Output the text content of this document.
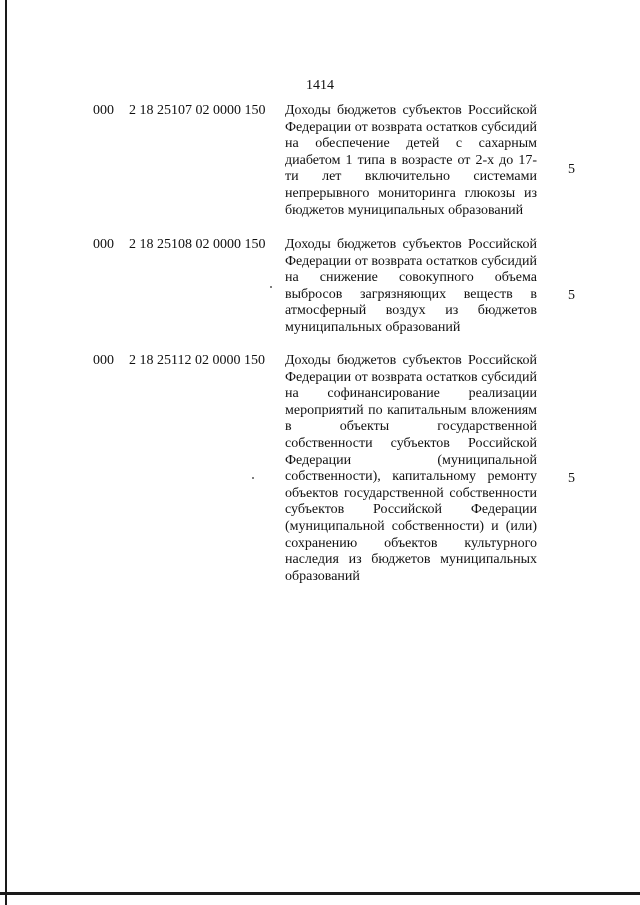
1414
000 2 18 25107 02 0000 150 Доходы бюджетов субъектов Российской Федерации от возврата остатков субсидий на обеспечение детей с сахарным диабетом 1 типа в возрасте от 2-х до 17-ти лет включительно системами непрерывного мониторинга глюкозы из бюджетов муниципальных образований
5
000 2 18 25108 02 0000 150 Доходы бюджетов субъектов Российской Федерации от возврата остатков субсидий на снижение совокупного объема выбросов загрязняющих веществ в атмосферный воздух из бюджетов муниципальных образований
5
000 2 18 25112 02 0000 150 Доходы бюджетов субъектов Российской Федерации от возврата остатков субсидий на софинансирование реализации мероприятий по капитальным вложениям в объекты государственной собственности субъектов Российской Федерации (муниципальной собственности), капитальному ремонту объектов государственной собственности субъектов Российской Федерации (муниципальной собственности) и (или) сохранению объектов культурного наследия из бюджетов муниципальных образований
5
